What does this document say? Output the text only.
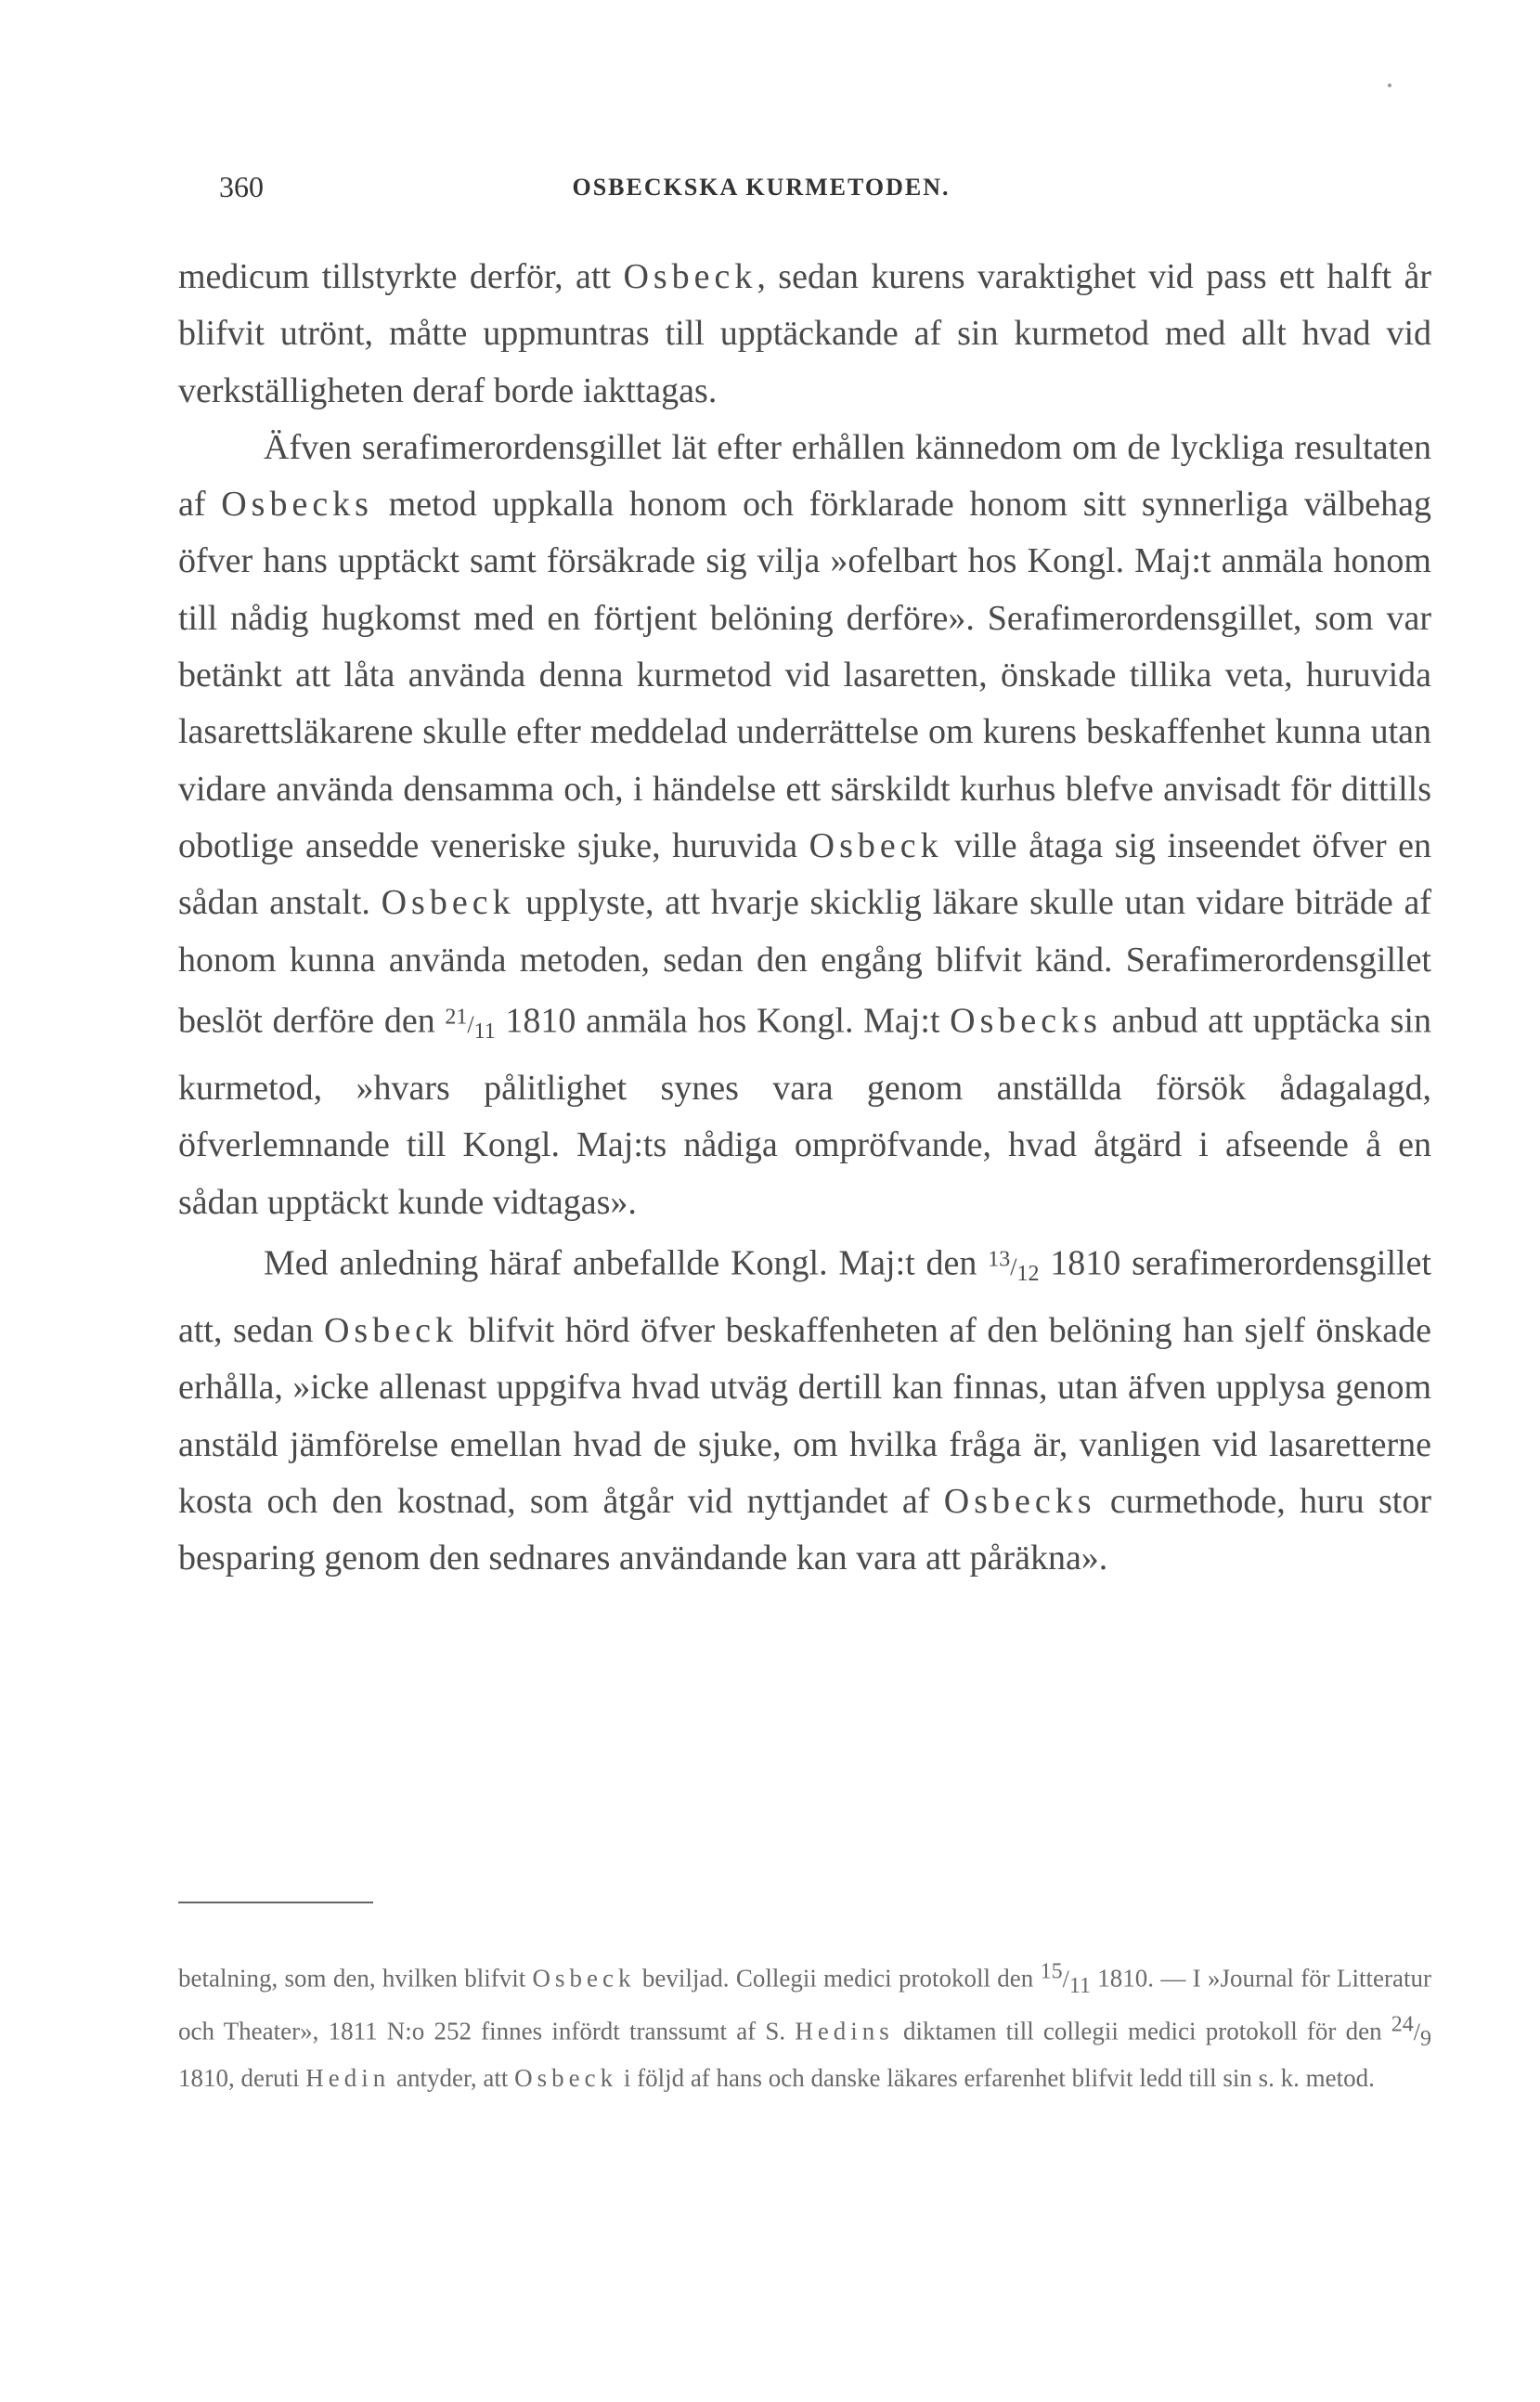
360	OSBECKSKA KURMETODEN.

medicum tillstyrkte derför, att Osbeck, sedan kurens varaktighet vid pass ett halft år blifvit utrönt, måtte uppmuntras till upptäckande af sin kurmetod med allt hvad vid verkställigheten deraf borde iakttagas.

Äfven serafimerordensgillet lät efter erhållen kännedom om de lyckliga resultaten af Osbecks metod uppkalla honom och förklarade honom sitt synnerliga välbehag öfver hans upptäckt samt försäkrade sig vilja »ofelbart hos Kongl. Maj:t anmäla honom till nådig hugkomst med en förtjent belöning derföre». Serafimerordensgillet, som var betänkt att låta använda denna kurmetod vid lasaretten, önskade tillika veta, huruvida lasarettsläkarene skulle efter meddelad underrättelse om kurens beskaffenhet kunna utan vidare använda densamma och, i händelse ett särskildt kurhus blefve anvisadt för dittills obotlige ansedde veneriske sjuke, huruvida Osbeck ville åtaga sig inseendet öfver en sådan anstalt. Osbeck upplyste, att hvarje skicklig läkare skulle utan vidare biträde af honom kunna använda metoden, sedan den engång blifvit känd. Serafimerordensgillet beslöt derföre den $^{21}/_{11}$ 1810 anmäla hos Kongl. Maj:t Osbecks anbud att upptäcka sin kurmetod, »hvars pålitlighet synes vara genom anställda försök ådagalagd, öfverlemnande till Kongl. Maj:ts nådiga ompröfvande, hvad åtgärd i afseende å en sådan upptäckt kunde vidtagas».

Med anledning häraf anbefallde Kongl. Maj:t den $^{13}/_{12}$ 1810 serafimerordensgillet att, sedan Osbeck blifvit hörd öfver beskaffenheten af den belöning han sjelf önskade erhålla, »icke allenast uppgifva hvad utväg dertill kan finnas, utan äfven upplysa genom anstäld jämförelse emellan hvad de sjuke, om hvilka fråga är, vanligen vid lasaretterne kosta och den kostnad, som åtgår vid nyttjandet af Osbecks curmethode, huru stor besparing genom den sednares användande kan vara att påräkna».

betalning, som den, hvilken blifvit Osbeck beviljad. Collegii medici protokoll den $^{15}/_{11}$ 1810. — I »Journal för Litteratur och Theater», 1811 N:o 252 finnes infördt transsumt af S. Hedins diktamen till collegii medici protokoll för den $^{24}/_9$ 1810, deruti Hedin antyder, att Osbeck i följd af hans och danske läkares erfarenhet blifvit ledd till sin s. k. metod.
